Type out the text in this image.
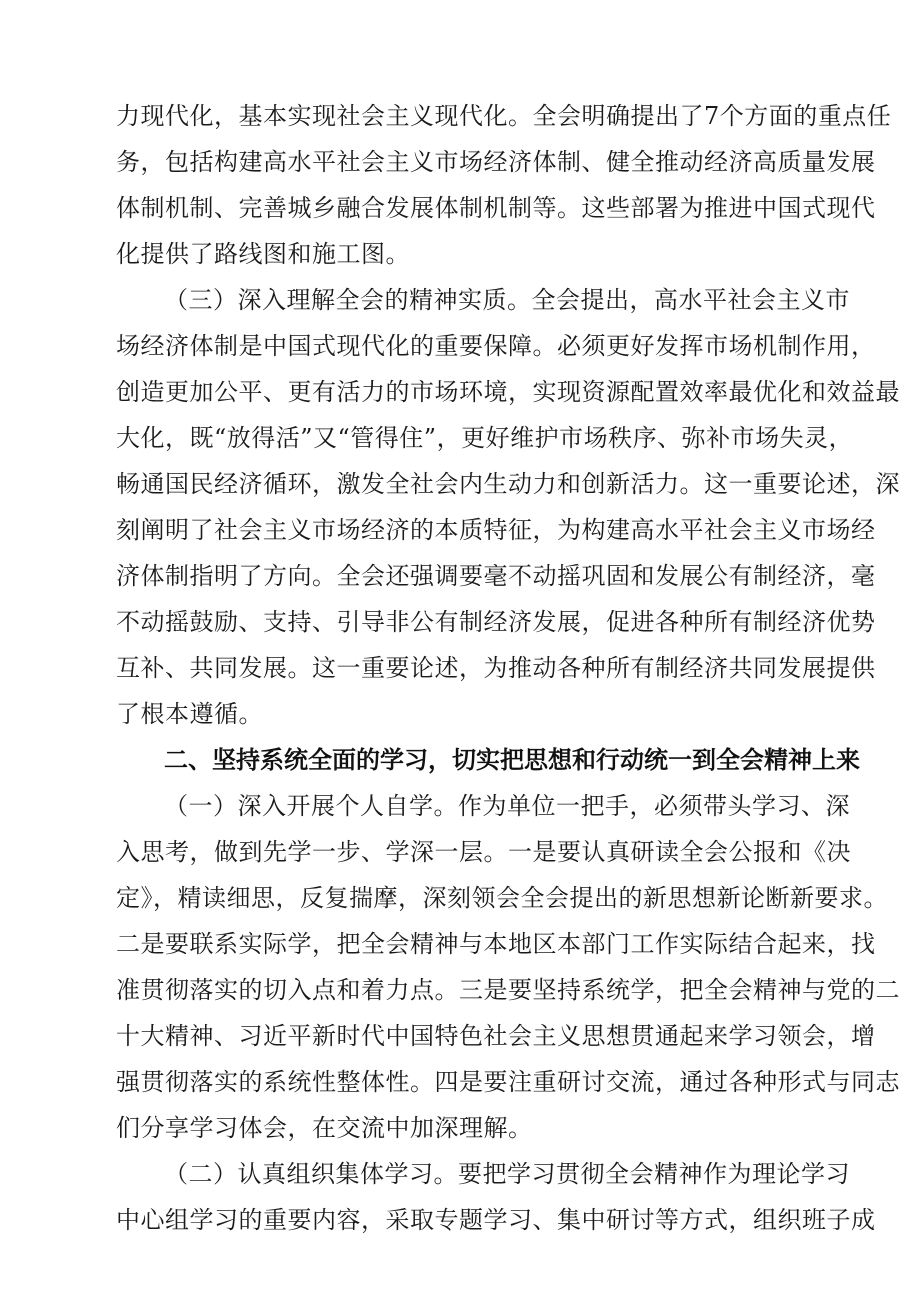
力现代化，基本实现社会主义现代化。全会明确提出了7个方面的重点任
务，包括构建高水平社会主义市场经济体制、健全推动经济高质量发展
体制机制、完善城乡融合发展体制机制等。这些部署为推进中国式现代
化提供了路线图和施工图。
（三）深入理解全会的精神实质。全会提出，高水平社会主义市
场经济体制是中国式现代化的重要保障。必须更好发挥市场机制作用，
创造更加公平、更有活力的市场环境，实现资源配置效率最优化和效益最
大化，既“放得活”又“管得住”，更好维护市场秩序、弥补市场失灵，
畅通国民经济循环，激发全社会内生动力和创新活力。这一重要论述，深
刻阐明了社会主义市场经济的本质特征，为构建高水平社会主义市场经
济体制指明了方向。全会还强调要毫不动摇巩固和发展公有制经济，毫
不动摇鼓励、支持、引导非公有制经济发展，促进各种所有制经济优势
互补、共同发展。这一重要论述，为推动各种所有制经济共同发展提供
了根本遵循。
二、坚持系统全面的学习，切实把思想和行动统一到全会精神上来
（一）深入开展个人自学。作为单位一把手，必须带头学习、深
入思考，做到先学一步、学深一层。一是要认真研读全会公报和《决
定》，精读细思，反复揣摩，深刻领会全会提出的新思想新论断新要求。
二是要联系实际学，把全会精神与本地区本部门工作实际结合起来，找
准贯彻落实的切入点和着力点。三是要坚持系统学，把全会精神与党的二
十大精神、习近平新时代中国特色社会主义思想贯通起来学习领会，增
强贯彻落实的系统性整体性。四是要注重研讨交流，通过各种形式与同志
们分享学习体会，在交流中加深理解。
（二）认真组织集体学习。要把学习贯彻全会精神作为理论学习
中心组学习的重要内容，采取专题学习、集中研讨等方式，组织班子成
